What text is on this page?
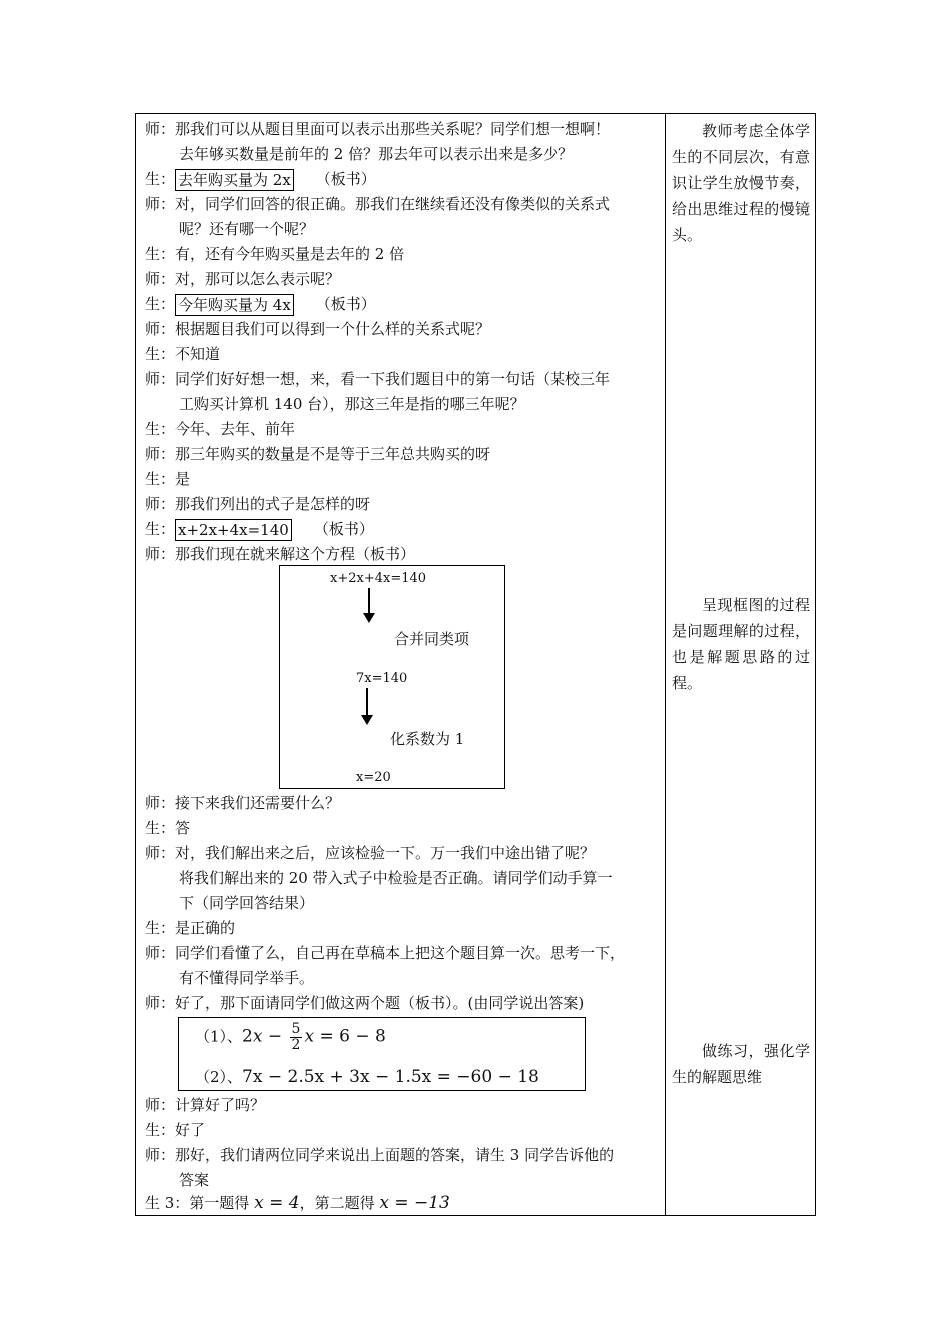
师：那我们可以从题目里面可以表示出那些关系呢？同学们想一想啊！
去年够买数量是前年的 2 倍？那去年可以表示出来是多少？
生： 去年购买量为 2x （板书）
师：对，同学们回答的很正确。那我们在继续看还没有像类似的关系式
呢？还有哪一个呢？
生：有，还有今年购买量是去年的 2 倍
师：对，那可以怎么表示呢？
生： 今年购买量为 4x （板书）
师：根据题目我们可以得到一个什么样的关系式呢？
生：不知道
师：同学们好好想一想，来，看一下我们题目中的第一句话（某校三年
工购买计算机 140 台），那这三年是指的哪三年呢？
生：今年、去年、前年
师：那三年购买的数量是不是等于三年总共购买的呀
生：是
师：那我们列出的式子是怎样的呀
生： x+2x+4x=140 （板书）
师：那我们现在就来解这个方程（板书）
x+2x+4x=140
合并同类项
7x=140
化系数为 1
x=20
师：接下来我们还需要什么？
生：答
师：对，我们解出来之后，应该检验一下。万一我们中途出错了呢？
将我们解出来的 20 带入式子中检验是否正确。请同学们动手算一
下（同学回答结果）
生：是正确的
师：同学们看懂了么，自己再在草稿本上把这个题目算一次。思考一下，
有不懂得同学举手。
师：好了，那下面请同学们做这两个题（板书）。(由同学说出答案)
（1）、$2x - \frac{5}{2}$ x = 6 − 8
（2）、7x − 2.5x + 3x − 1.5x = −60 − 18
师：计算好了吗？
生：好了
师：那好，我们请两位同学来说出上面题的答案，请生 3 同学告诉他的
答案
生 3：第一题得 x = 4，第二题得 x = −13
教师考虑全体学生的不同层次，有意识让学生放慢节奏，给出思维过程的慢镜头。
呈现框图的过程是问题理解的过程，也是解题思路的过程。
做练习，强化学生的解题思维
